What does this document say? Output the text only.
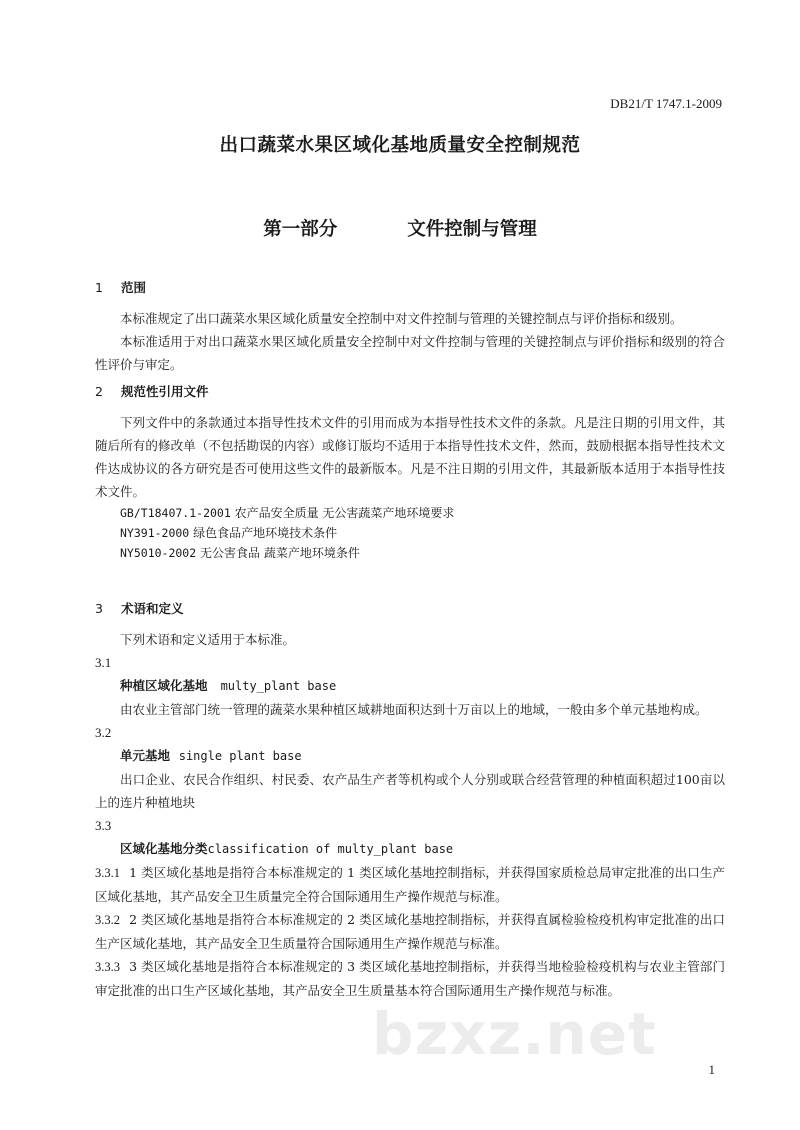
DB21/T 1747.1-2009
出口蔬菜水果区域化基地质量安全控制规范
第一部分	文件控制与管理

1 范围

本标准规定了出口蔬菜水果区域化质量安全控制中对文件控制与管理的关键控制点与评价指标和级别。

本标准适用于对出口蔬菜水果区域化质量安全控制中对文件控制与管理的关键控制点与评价指标和级别的符合性评价与审定。

2 规范性引用文件

下列文件中的条款通过本指导性技术文件的引用而成为本指导性技术文件的条款。凡是注日期的引用文件，其随后所有的修改单（不包括勘误的内容）或修订版均不适用于本指导性技术文件，然而，鼓励根据本指导性技术文件达成协议的各方研究是否可使用这些文件的最新版本。凡是不注日期的引用文件，其最新版本适用于本指导性技术文件。

GB/T18407.1-2001 农产品安全质量 无公害蔬菜产地环境要求

NY391-2000 绿色食品产地环境技术条件

NY5010-2002 无公害食品 蔬菜产地环境条件

3 术语和定义

下列术语和定义适用于本标准。

3.1

种植区域化基地 multy_plant base

由农业主管部门统一管理的蔬菜水果种植区域耕地面积达到十万亩以上的地域，一般由多个单元基地构成。

3.2

单元基地 single plant base

出口企业、农民合作组织、村民委、农产品生产者等机构或个人分别或联合经营管理的种植面积超过100亩以上的连片种植地块

3.3

区域化基地分类classification of multy_plant base

3.3.1 1 类区域化基地是指符合本标准规定的 1 类区域化基地控制指标，并获得国家质检总局审定批准的出口生产区域化基地，其产品安全卫生质量完全符合国际通用生产操作规范与标准。

3.3.2 2 类区域化基地是指符合本标准规定的 2 类区域化基地控制指标，并获得直属检验检疫机构审定批准的出口生产区域化基地，其产品安全卫生质量符合国际通用生产操作规范与标准。

3.3.3 3 类区域化基地是指符合本标准规定的 3 类区域化基地控制指标，并获得当地检验检疫机构与农业主管部门审定批准的出口生产区域化基地，其产品安全卫生质量基本符合国际通用生产操作规范与标准。

bzxz.net
1
